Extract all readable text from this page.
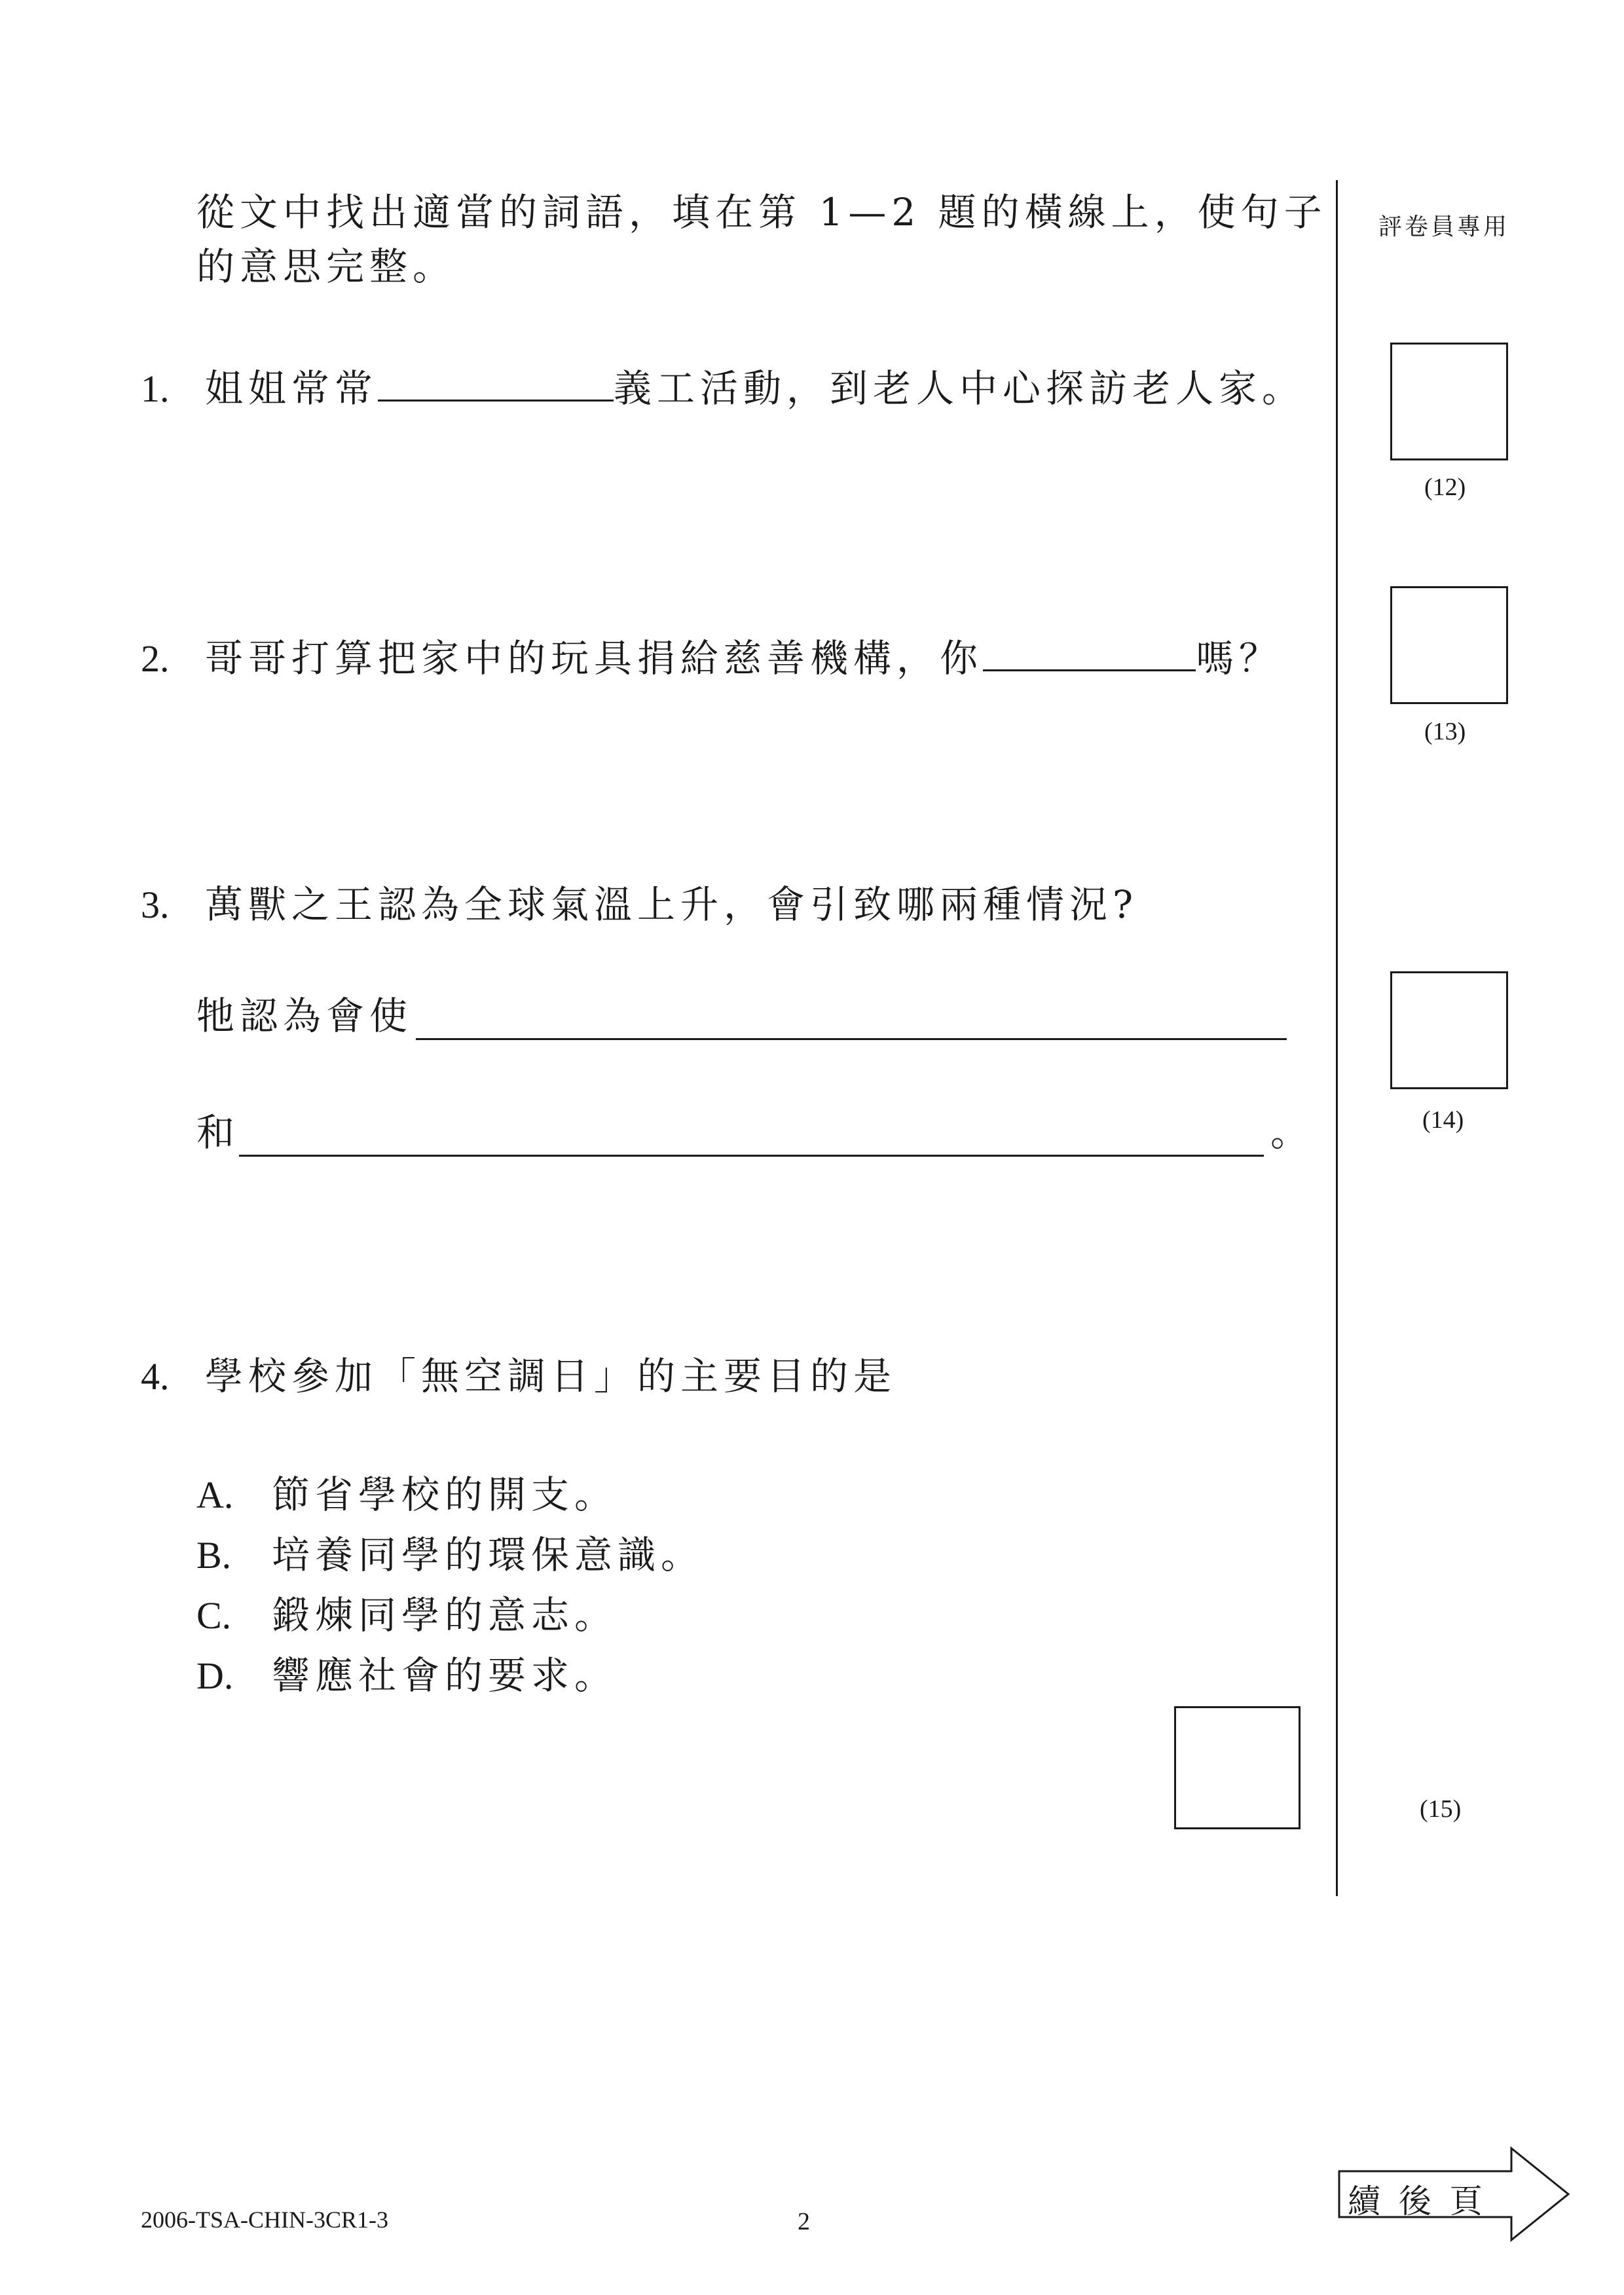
評卷員專用
從文中找出適當的詞語，填在第 1—2 題的橫線上，使句子
的意思完整。
1. 姐姐常常	義工活動，到老人中心探訪老人家。
2. 哥哥打算把家中的玩具捐給慈善機構，你	嗎？
3. 萬獸之王認為全球氣溫上升，會引致哪兩種情況?
牠認為會使
和	。
4. 學校參加「無空調日」的主要目的是
A. 節省學校的開支。
B. 培養同學的環保意識。
C. 鍛煉同學的意志。
D. 響應社會的要求。
(12)
(13)
(14)
(15)
2006-TSA-CHIN-3CR1-3	2
續 後 頁
